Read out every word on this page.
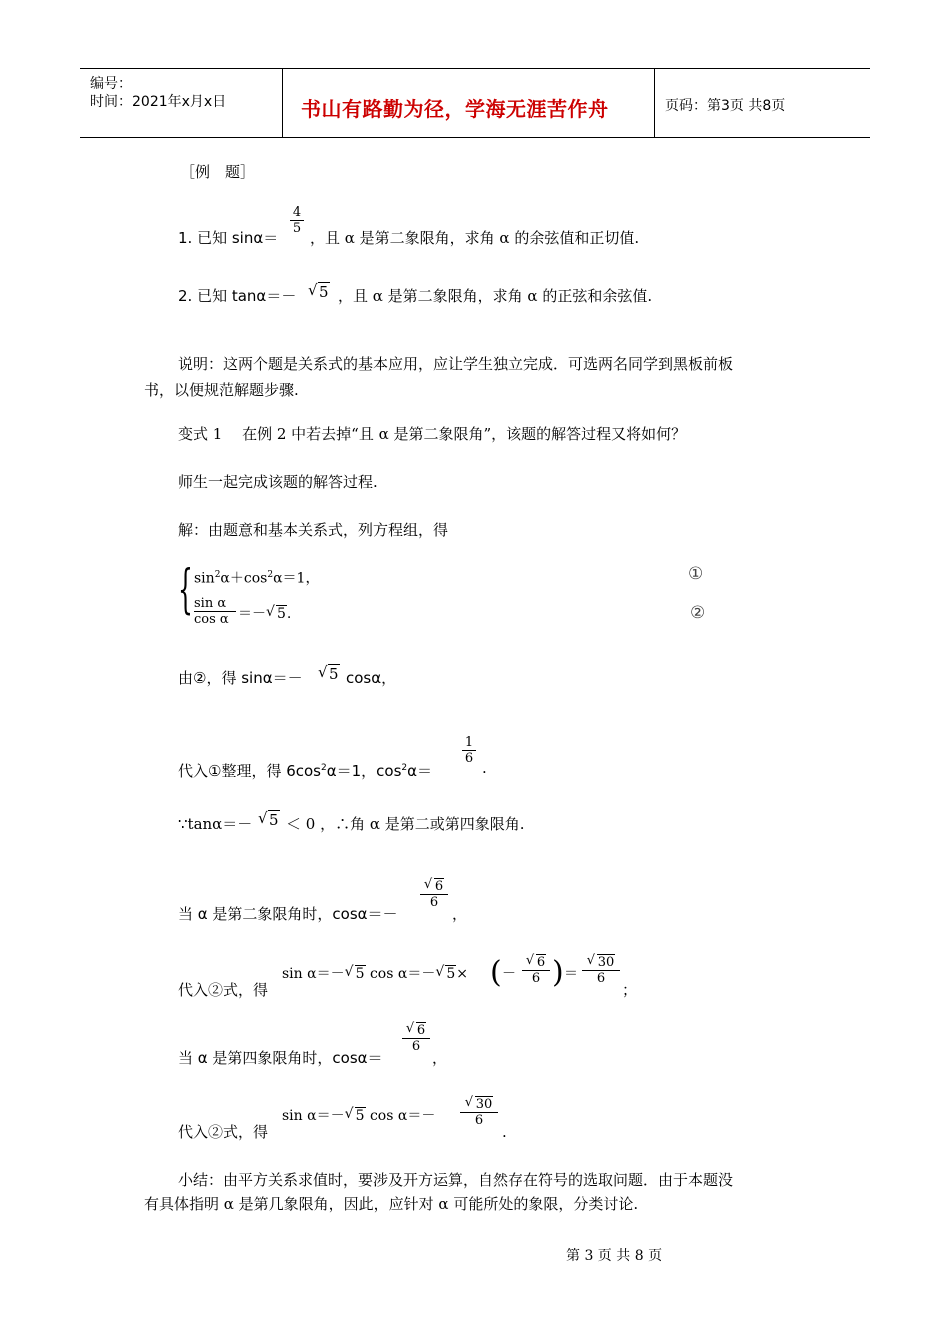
编号：
时间：2021年x月x日	书山有路勤为径，学海无涯苦作舟	页码：第3页 共8页
［例　题］
1. 已知 sinα＝
$\frac{4}{5}$
，且 α 是第二象限角，求角 α 的余弦值和正切值.
2. 已知 tanα＝－	√ 5 ，且 α 是第二象限角，求角 α 的正弦和余弦值.
说明：这两个题是关系式的基本应用，应让学生独立完成．可选两名同学到黑板前板
书，以便规范解题步骤.
变式 1　 在例 2 中若去掉“且 α 是第二象限角”，该题的解答过程又将如何？
师生一起完成该题的解答过程.
解：由题意和基本关系式，列方程组，得
{ $\sin^2\alpha+\cos^2\alpha=1$，
$\frac{\text{sin α}}{\text{cos α}}$ ＝－ √ 5.
①
②
由②，得 sinα＝－	√ 5 cosα，
代入①整理，得 $6\cos^2\alpha=1$，$\cos^2\alpha=$
$\frac{1}{6}$
.
∵tanα＝－	√ 5 ＜ 0 ，∴角 α 是第二或第四象限角.
当 α 是第二象限角时，cosα＝－
√ $\frac{6}{6}$
，
代入②式，得
sin α＝－ √ 5 cos α＝－ √ 5× ( － √ $\frac{6}{6}$ ) ＝ √ $\frac{30}{6}$
；
当 α 是第四象限角时，cosα＝
√ $\frac{6}{6}$
，
代入②式，得
sin α＝－ √ 5 cos α＝－ √ $\frac{30}{6}$
.
小结：由平方关系求值时，要涉及开方运算，自然存在符号的选取问题．由于本题没
有具体指明 α 是第几象限角，因此，应针对 α 可能所处的象限，分类讨论.
第 3 页 共 8 页
